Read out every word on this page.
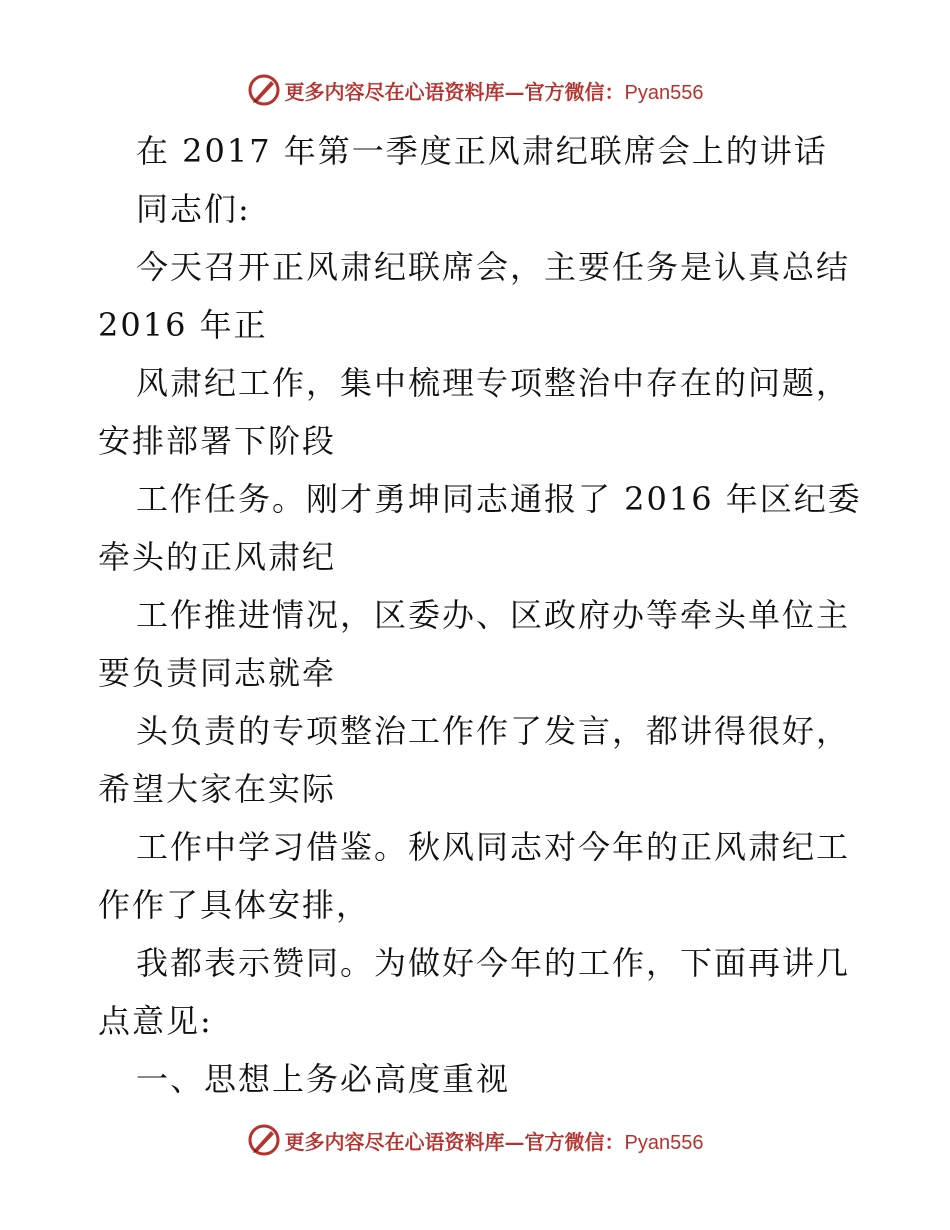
更多内容尽在心语资料库—官方微信：Pyan556
在 2017 年第一季度正风肃纪联席会上的讲话
同志们:
今天召开正风肃纪联席会，主要任务是认真总结
2016 年正
风肃纪工作，集中梳理专项整治中存在的问题，
安排部署下阶段
工作任务。刚才勇坤同志通报了 2016 年区纪委
牵头的正风肃纪
工作推进情况，区委办、区政府办等牵头单位主
要负责同志就牵
头负责的专项整治工作作了发言，都讲得很好，
希望大家在实际
工作中学习借鉴。秋风同志对今年的正风肃纪工
作作了具体安排，
我都表示赞同。为做好今年的工作，下面再讲几
点意见:
一、思想上务必高度重视
更多内容尽在心语资料库—官方微信：Pyan556
